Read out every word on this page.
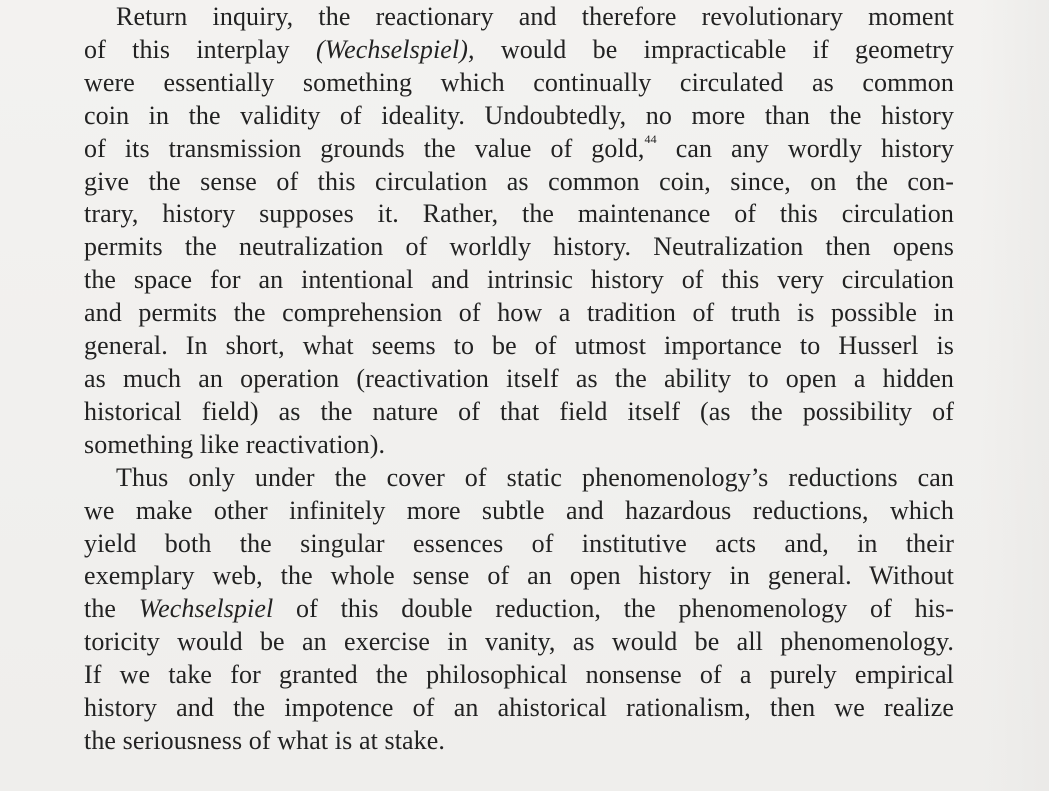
Return inquiry, the reactionary and therefore revolutionary moment
of this interplay (Wechselspiel), would be impracticable if geometry
were essentially something which continually circulated as common
coin in the validity of ideality. Undoubtedly, no more than the history
of its transmission grounds the value of gold,$^{44}$ can any wordly history
give the sense of this circulation as common coin, since, on the con-
trary, history supposes it. Rather, the maintenance of this circulation
permits the neutralization of worldly history. Neutralization then opens
the space for an intentional and intrinsic history of this very circulation
and permits the comprehension of how a tradition of truth is possible in
general. In short, what seems to be of utmost importance to Husserl is
as much an operation (reactivation itself as the ability to open a hidden
historical field) as the nature of that field itself (as the possibility of
something like reactivation).
Thus only under the cover of static phenomenology’s reductions can
we make other infinitely more subtle and hazardous reductions, which
yield both the singular essences of institutive acts and, in their
exemplary web, the whole sense of an open history in general. Without
the Wechselspiel of this double reduction, the phenomenology of his-
toricity would be an exercise in vanity, as would be all phenomenology.
If we take for granted the philosophical nonsense of a purely empirical
history and the impotence of an ahistorical rationalism, then we realize
the seriousness of what is at stake.
